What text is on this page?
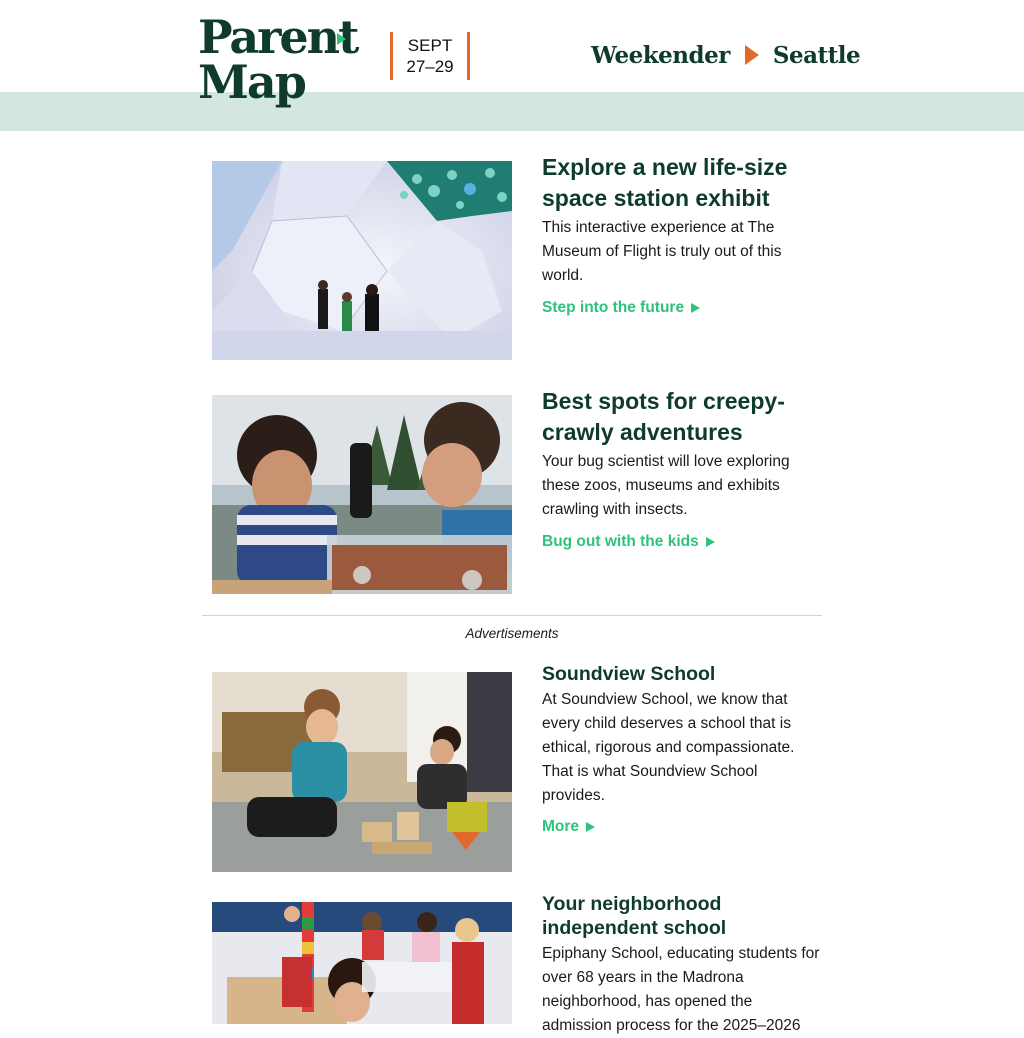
Parent
Map
SEPT
27–29	Weekender Seattle
Explore a new life-size space station exhibit
This interactive experience at The Museum of Flight is truly out of this world.
Step into the future
Best spots for creepy-crawly adventures
Your bug scientist will love exploring these zoos, museums and exhibits crawling with insects.
Bug out with the kids
Advertisements
Soundview School
At Soundview School, we know that every child deserves a school that is ethical, rigorous and compassionate. That is what Soundview School provides.
More
Your neighborhood independent school
Epiphany School, educating students for over 68 years in the Madrona neighborhood, has opened the admission process for the 2025–2026
